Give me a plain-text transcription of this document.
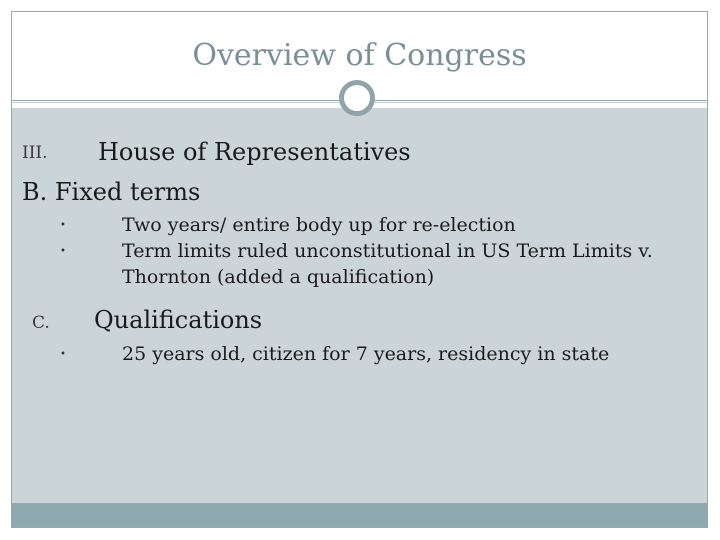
Overview of Congress
III. House of Representatives
B. Fixed terms
•	Two years/ entire body up for re-election
•	Term limits ruled unconstitutional in US Term Limits v.
Thornton (added a qualification)
C. Qualifications
•	25 years old, citizen for 7 years, residency in state
